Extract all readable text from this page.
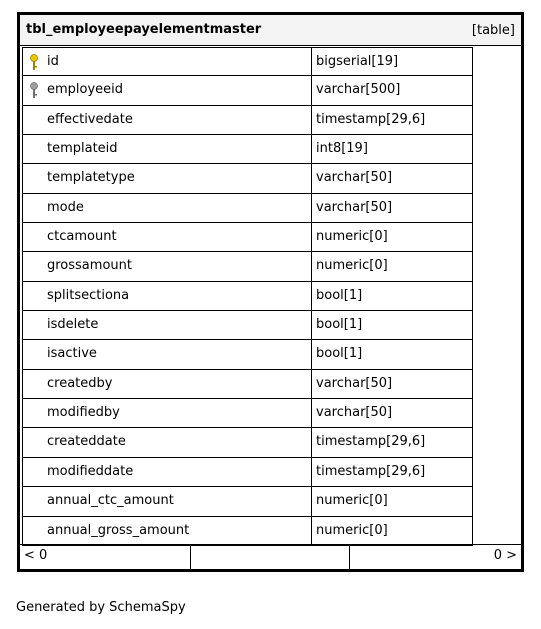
tbl_employeepayelementmaster	[table]
id	bigserial[19]
employeeid	varchar[500]
effectivedate	timestamp[29,6]
templateid	int8[19]
templatetype	varchar[50]
mode	varchar[50]
ctcamount	numeric[0]
grossamount	numeric[0]
splitsectiona	bool[1]
isdelete	bool[1]
isactive	bool[1]
createdby	varchar[50]
modifiedby	varchar[50]
createddate	timestamp[29,6]
modifieddate	timestamp[29,6]
annual_ctc_amount	numeric[0]
annual_gross_amount	numeric[0]
< 0	0 >
Generated by SchemaSpy
